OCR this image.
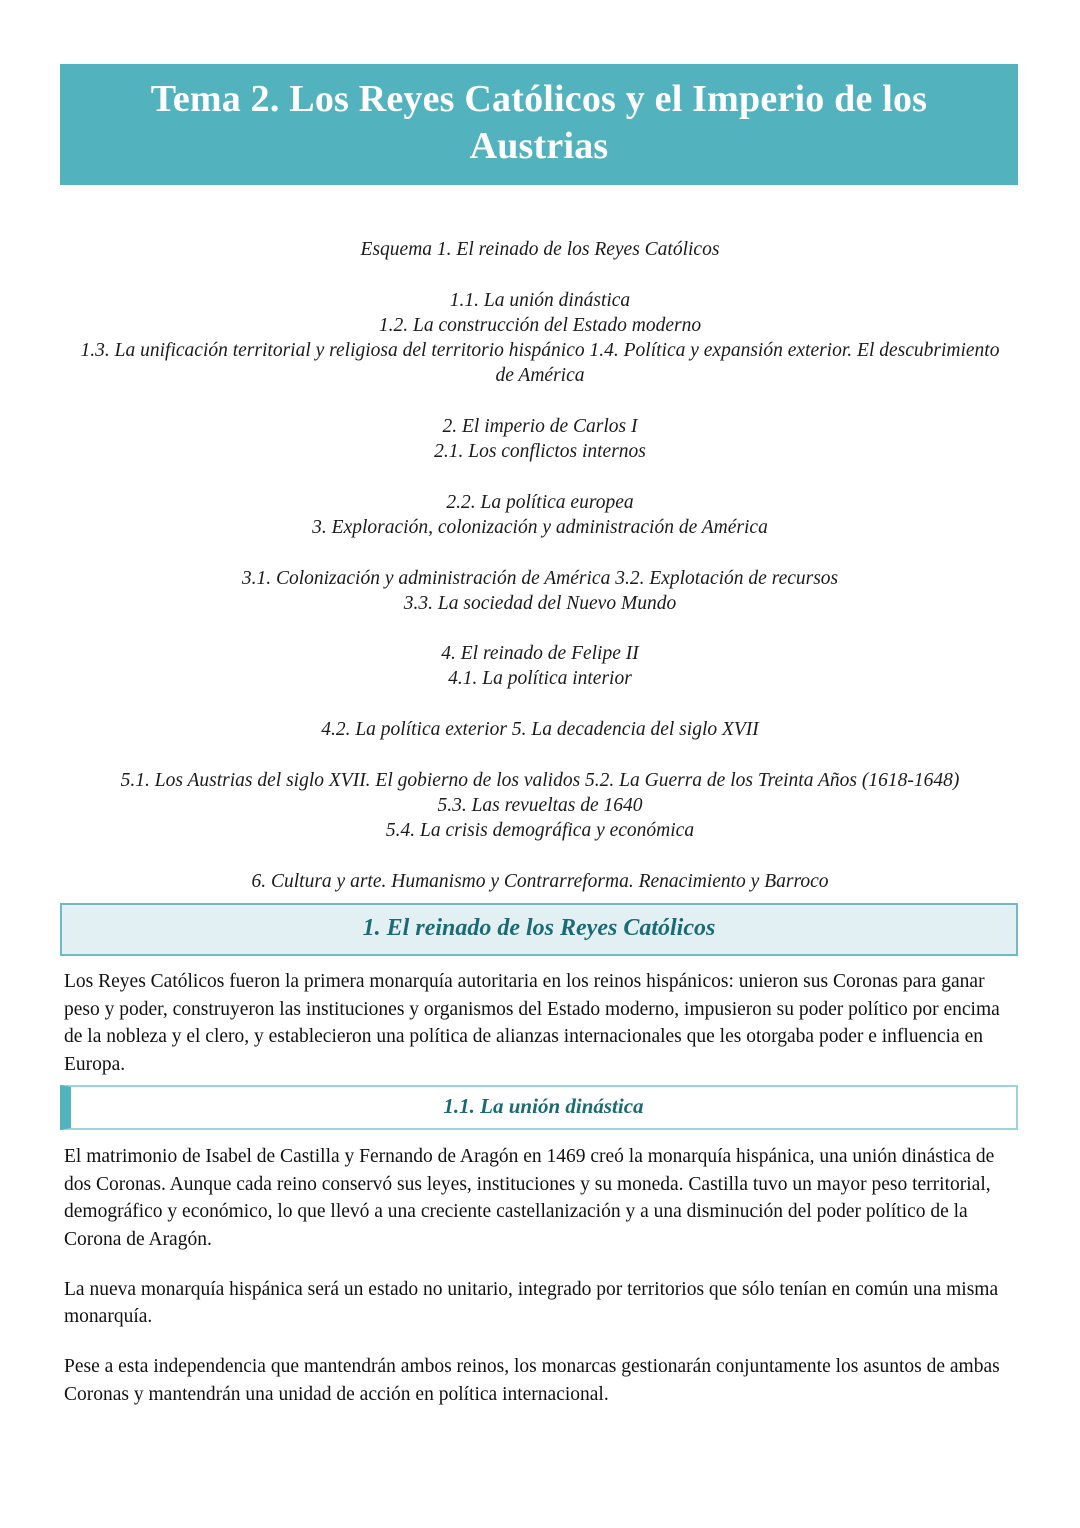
Tema 2. Los Reyes Católicos y el Imperio de los Austrias
Esquema 1. El reinado de los Reyes Católicos
1.1. La unión dinástica
1.2. La construcción del Estado moderno
1.3. La unificación territorial y religiosa del territorio hispánico 1.4. Política y expansión exterior. El descubrimiento de América
2. El imperio de Carlos I
2.1. Los conflictos internos
2.2. La política europea
3. Exploración, colonización y administración de América
3.1. Colonización y administración de América 3.2. Explotación de recursos
3.3. La sociedad del Nuevo Mundo
4. El reinado de Felipe II
4.1. La política interior
4.2. La política exterior 5. La decadencia del siglo XVII
5.1. Los Austrias del siglo XVII. El gobierno de los validos 5.2. La Guerra de los Treinta Años (1618-1648)
5.3. Las revueltas de 1640
5.4. La crisis demográfica y económica
6. Cultura y arte. Humanismo y Contrarreforma. Renacimiento y Barroco
1. El reinado de los Reyes Católicos

Los Reyes Católicos fueron la primera monarquía autoritaria en los reinos hispánicos: unieron sus Coronas para ganar peso y poder, construyeron las instituciones y organismos del Estado moderno, impusieron su poder político por encima de la nobleza y el clero, y establecieron una política de alianzas internacionales que les otorgaba poder e influencia en Europa.

1.1. La unión dinástica

El matrimonio de Isabel de Castilla y Fernando de Aragón en 1469 creó la monarquía hispánica, una unión dinástica de dos Coronas. Aunque cada reino conservó sus leyes, instituciones y su moneda. Castilla tuvo un mayor peso territorial, demográfico y económico, lo que llevó a una creciente castellanización y a una disminución del poder político de la Corona de Aragón.

La nueva monarquía hispánica será un estado no unitario, integrado por territorios que sólo tenían en común una misma monarquía.

Pese a esta independencia que mantendrán ambos reinos, los monarcas gestionarán conjuntamente los asuntos de ambas Coronas y mantendrán una unidad de acción en política internacional.
